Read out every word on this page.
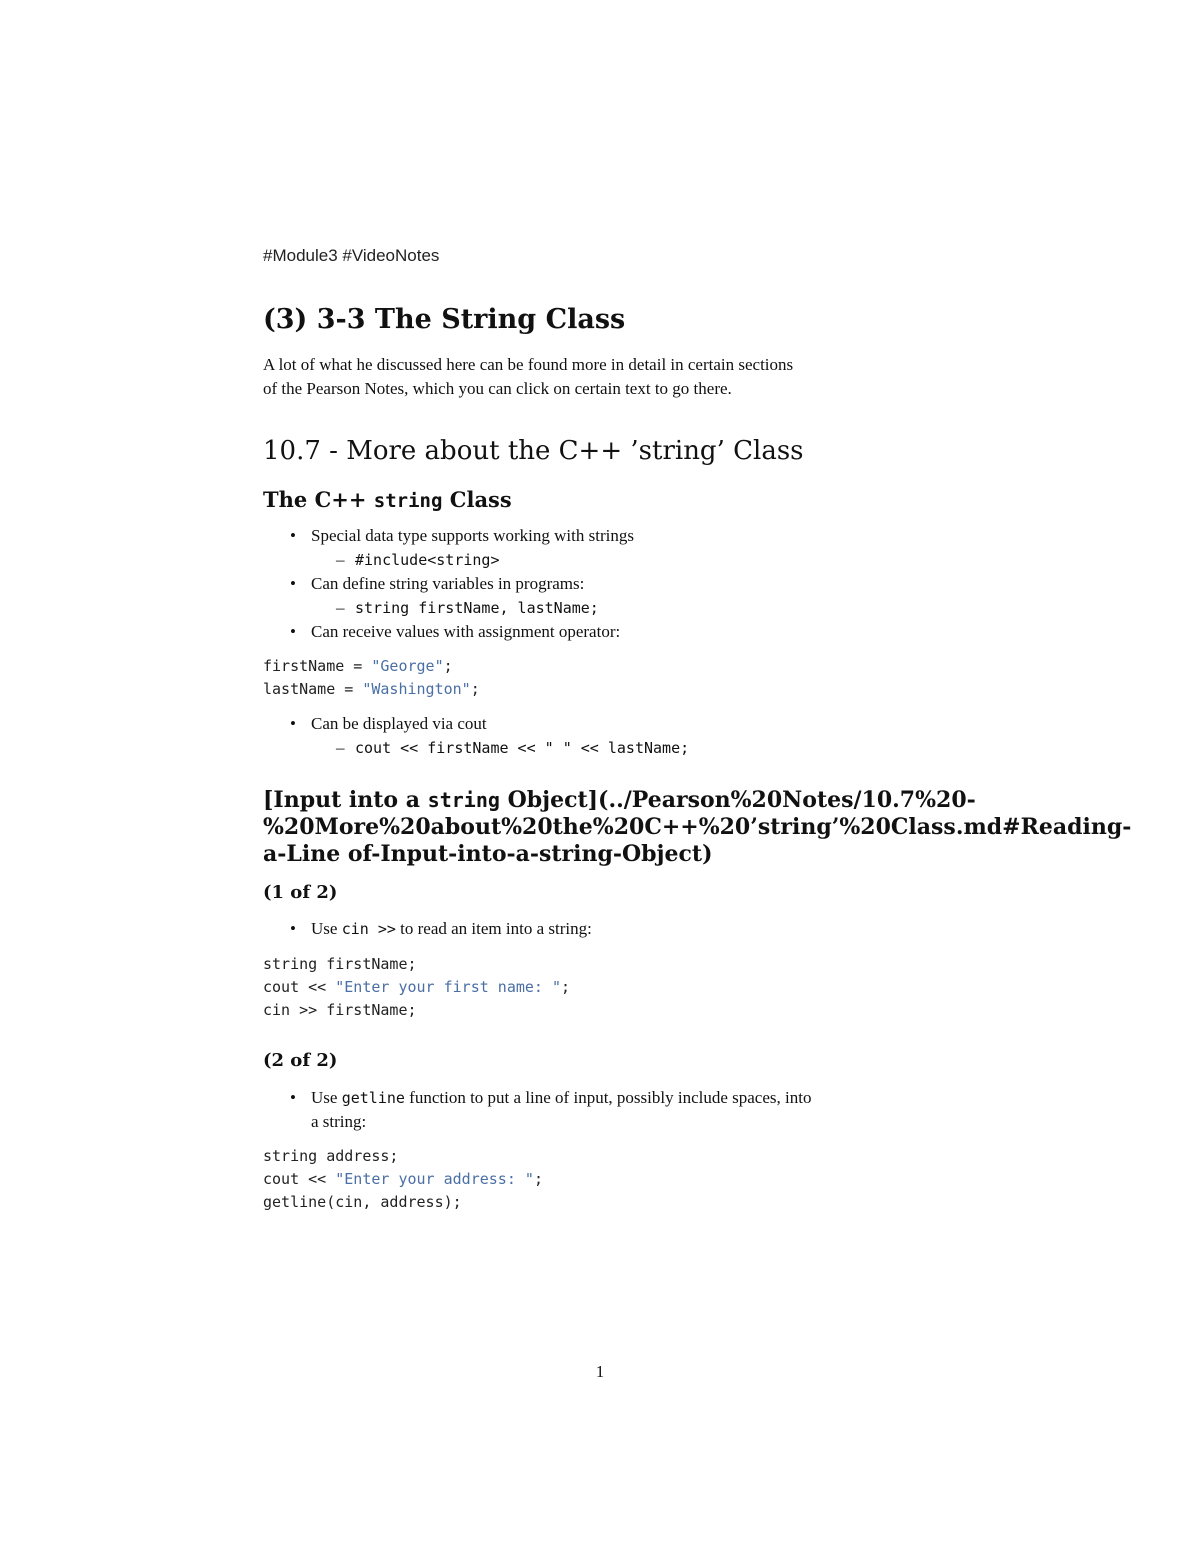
#Module3 #VideoNotes
(3) 3-3 The String Class
A lot of what he discussed here can be found more in detail in certain sections
of the Pearson Notes, which you can click on certain text to go there.
10.7 - More about the C++ ’string’ Class
The C++ string Class
• Special data type supports working with strings
– #include<string>
• Can define string variables in programs:
– string firstName, lastName;
• Can receive values with assignment operator:
firstName = "George";
lastName = "Washington";
• Can be displayed via cout
– cout << firstName << " " << lastName;
[Input into a string Object](../Pearson%20Notes/10.7%20-
%20More%20about%20the%20C++%20’string’%20Class.md#Reading-
a-Line of-Input-into-a-string-Object)
(1 of 2)
• Use cin >> to read an item into a string:
string firstName;
cout << "Enter your first name: ";
cin >> firstName;
(2 of 2)
• Use getline function to put a line of input, possibly include spaces, into
a string:
string address;
cout << "Enter your address: ";
getline(cin, address);
1
